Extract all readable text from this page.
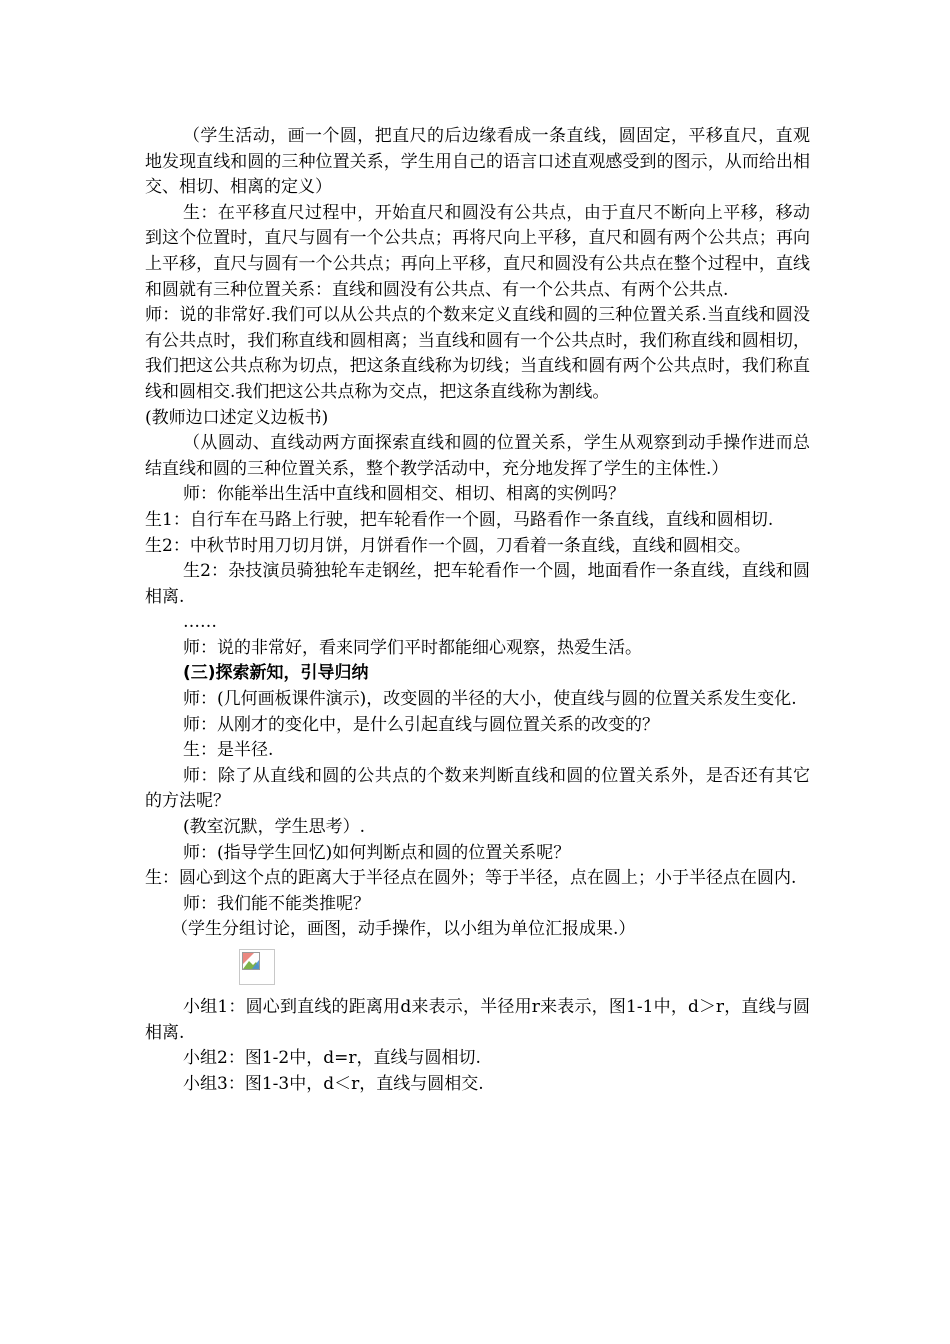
（学生活动，画一个圆，把直尺的后边缘看成一条直线，圆固定，平移直尺，直观地发现直线和圆的三种位置关系，学生用自己的语言口述直观感受到的图示，从而给出相交、相切、相离的定义）

生：在平移直尺过程中，开始直尺和圆没有公共点，由于直尺不断向上平移，移动到这个位置时，直尺与圆有一个公共点；再将尺向上平移，直尺和圆有两个公共点；再向上平移，直尺与圆有一个公共点；再向上平移，直尺和圆没有公共点在整个过程中，直线和圆就有三种位置关系：直线和圆没有公共点、有一个公共点、有两个公共点.

师：说的非常好.我们可以从公共点的个数来定义直线和圆的三种位置关系.当直线和圆没有公共点时，我们称直线和圆相离；当直线和圆有一个公共点时，我们称直线和圆相切，我们把这公共点称为切点，把这条直线称为切线；当直线和圆有两个公共点时，我们称直线和圆相交.我们把这公共点称为交点，把这条直线称为割线。

(教师边口述定义边板书)

（从圆动、直线动两方面探索直线和圆的位置关系，学生从观察到动手操作进而总结直线和圆的三种位置关系，整个教学活动中，充分地发挥了学生的主体性.）

师：你能举出生活中直线和圆相交、相切、相离的实例吗？

生1：自行车在马路上行驶，把车轮看作一个圆，马路看作一条直线，直线和圆相切.

生2：中秋节时用刀切月饼，月饼看作一个圆，刀看着一条直线，直线和圆相交。

生2：杂技演员骑独轮车走钢丝，把车轮看作一个圆，地面看作一条直线，直线和圆相离.

……

师：说的非常好，看来同学们平时都能细心观察，热爱生活。

(三)探索新知，引导归纳

师：(几何画板课件演示)，改变圆的半径的大小，使直线与圆的位置关系发生变化.

师：从刚才的变化中，是什么引起直线与圆位置关系的改变的？

生：是半径.

师：除了从直线和圆的公共点的个数来判断直线和圆的位置关系外，是否还有其它的方法呢？

(教室沉默，学生思考）.

师：(指导学生回忆)如何判断点和圆的位置关系呢？

生：圆心到这个点的距离大于半径点在圆外；等于半径，点在圆上；小于半径点在圆内.

师：我们能不能类推呢？

（学生分组讨论，画图，动手操作，以小组为单位汇报成果.）

小组1：圆心到直线的距离用d来表示，半径用r来表示，图1-1中，d＞r，直线与圆相离.

小组2：图1-2中，d=r，直线与圆相切.

小组3：图1-3中，d＜r，直线与圆相交.
